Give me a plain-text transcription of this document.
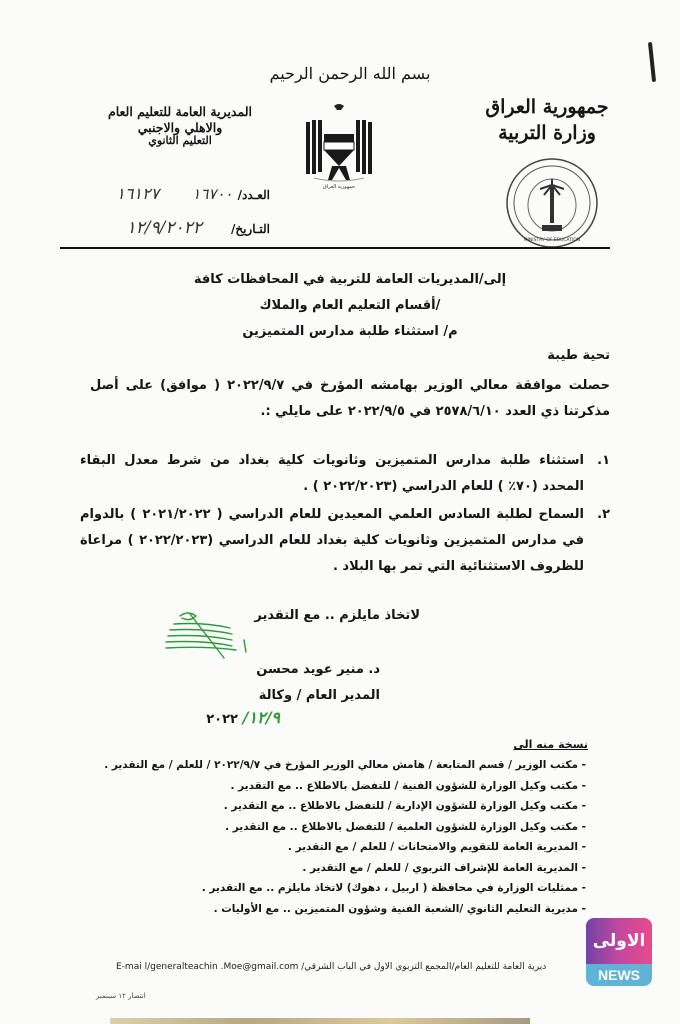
بسم الله الرحمن الرحيم
جمهورية العراق
وزارة التربية
المديرية العامة للتعليم العام
والاهلي والاجنبي
التعليم الثانوي
جمهورية العراق
MINISTRY OF EDUCATION
العـدد/ ١٦٧٠٠ ١٦١٢٧
التـاريخ/ ١٢/٩/٢٠٢٢
إلى/المديريات العامة للتربية في المحافظات كافة
/أقسام التعليم العام والملاك
م/ استثناء طلبة مدارس المتميزين
تحية طيبة
حصلت موافقة معالي الوزير بهامشه المؤرخ في ٢٠٢٢/٩/٧ ( موافق) على أصل مذكرتنا ذي العدد ٢٥٧٨/٦/١٠ في ٢٠٢٢/٩/٥ على مايلي :.
١.
استثناء طلبة مدارس المتميزين وثانويات كلية بغداد من شرط معدل البقاء المحدد (٧٠٪ ) للعام الدراسي (٢٠٢٢/٢٠٢٣ ) .
٢.
السماح لطلبة السادس العلمي المعيدين للعام الدراسي ( ٢٠٢١/٢٠٢٢ ) بالدوام في مدارس المتميزين وثانويات كلية بغداد للعام الدراسي (٢٠٢٢/٢٠٢٣ ) مراعاة للظروف الاستثنائية التي تمر بها البلاد .
لاتخاذ مايلزم .. مع التقدير
د. منير عويد محسن
المدير العام / وكالة
١٢/٩/ ٢٠٢٢
نسخة منه الى
- مكتب الوزير / قسم المتابعة / هامش معالي الوزير المؤرخ في ٢٠٢٢/٩/٧ / للعلم / مع التقدير .
- مكتب وكيل الوزارة للشؤون الفنية / للتفضل بالاطلاع .. مع التقدير .
- مكتب وكيل الوزارة للشؤون الإدارية / للتفضل بالاطلاع .. مع التقدير .
- مكتب وكيل الوزارة للشؤون العلمية / للتفضل بالاطلاع .. مع التقدير .
- المديرية العامة للتقويم والامتحانات / للعلم / مع التقدير .
- المديرية العامة للإشراف التربوي / للعلم / مع التقدير .
- ممثليات الوزارة في محافظة ( اربيل ، دهوك) لاتخاذ مايلزم .. مع التقدير .
- مديرية التعليم الثانوي /الشعبة الفنية وشؤون المتميزين .. مع الأوليات .
E-mai l/generalteachin .Moe@gmail.com ديرية العامة للتعليم العام/المجمع التربوي الاول في الباب الشرقي/
انتصار ١٢ سبتمبر
الاولى
NEWS
